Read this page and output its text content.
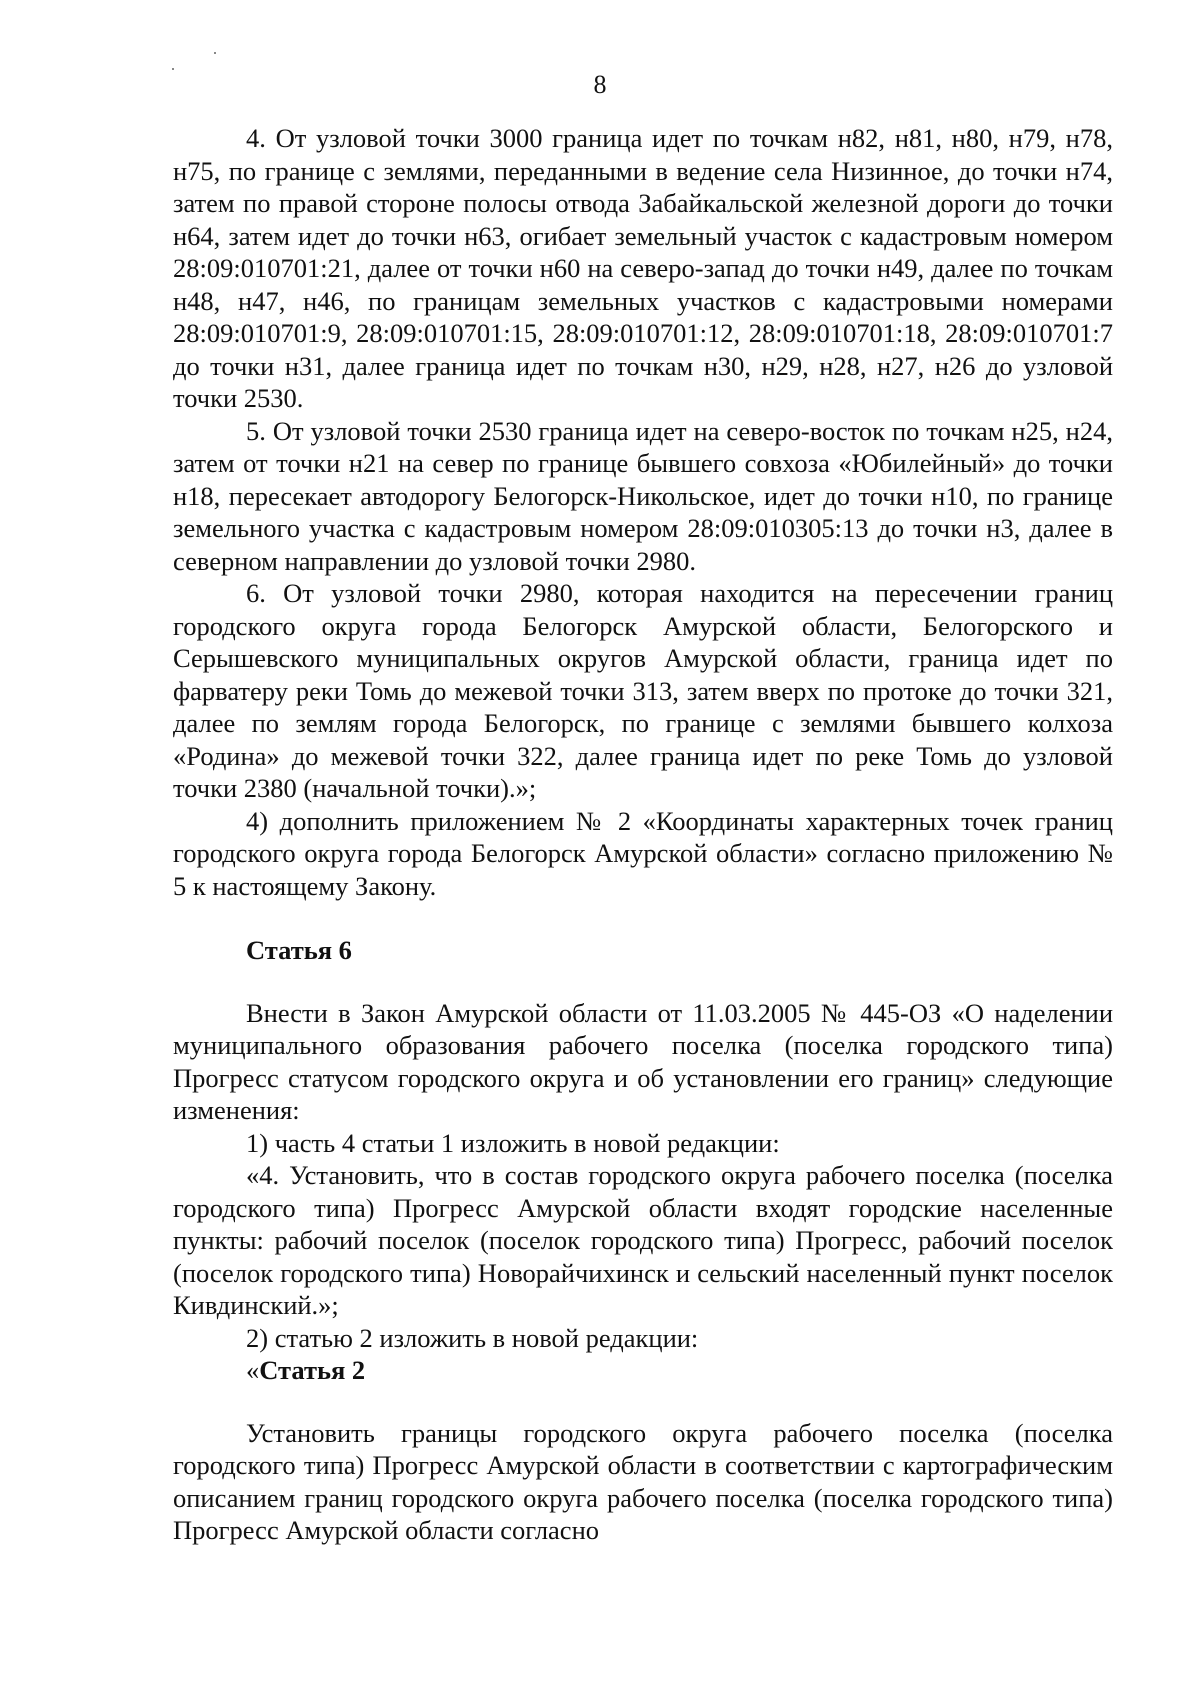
8

4. От узловой точки 3000 граница идет по точкам н82, н81, н80, н79, н78, н75, по границе с землями, переданными в ведение села Низинное, до точки н74, затем по правой стороне полосы отвода Забайкальской железной дороги до точки н64, затем идет до точки н63, огибает земельный участок с кадастровым номером 28:09:010701:21, далее от точки н60 на северо-запад до точки н49, далее по точкам н48, н47, н46, по границам земельных участков с кадастровыми номерами 28:09:010701:9, 28:09:010701:15, 28:09:010701:12, 28:09:010701:18, 28:09:010701:7 до точки н31, далее граница идет по точкам н30, н29, н28, н27, н26 до узловой точки 2530.

5. От узловой точки 2530 граница идет на северо-восток по точкам н25, н24, затем от точки н21 на север по границе бывшего совхоза «Юбилейный» до точки н18, пересекает автодорогу Белогорск-Никольское, идет до точки н10, по границе земельного участка с кадастровым номером 28:09:010305:13 до точки н3, далее в северном направлении до узловой точки 2980.

6. От узловой точки 2980, которая находится на пересечении границ городского округа города Белогорск Амурской области, Белогорского и Серышевского муниципальных округов Амурской области, граница идет по фарватеру реки Томь до межевой точки 313, затем вверх по протоке до точки 321, далее по землям города Белогорск, по границе с землями бывшего колхоза «Родина» до межевой точки 322, далее граница идет по реке Томь до узловой точки 2380 (начальной точки).»;

4) дополнить приложением № 2 «Координаты характерных точек границ городского округа города Белогорск Амурской области» согласно приложению № 5 к настоящему Закону.

Статья 6

Внести в Закон Амурской области от 11.03.2005 № 445-ОЗ «О наделении муниципального образования рабочего поселка (поселка городского типа) Прогресс статусом городского округа и об установлении его границ» следующие изменения:

1) часть 4 статьи 1 изложить в новой редакции:

«4. Установить, что в состав городского округа рабочего поселка (поселка городского типа) Прогресс Амурской области входят городские населенные пункты: рабочий поселок (поселок городского типа) Прогресс, рабочий поселок (поселок городского типа) Новорайчихинск и сельский населенный пункт поселок Кивдинский.»;

2) статью 2 изложить в новой редакции:

«Статья 2

Установить границы городского округа рабочего поселка (поселка городского типа) Прогресс Амурской области в соответствии с картографическим описанием границ городского округа рабочего поселка (поселка городского типа) Прогресс Амурской области согласно
